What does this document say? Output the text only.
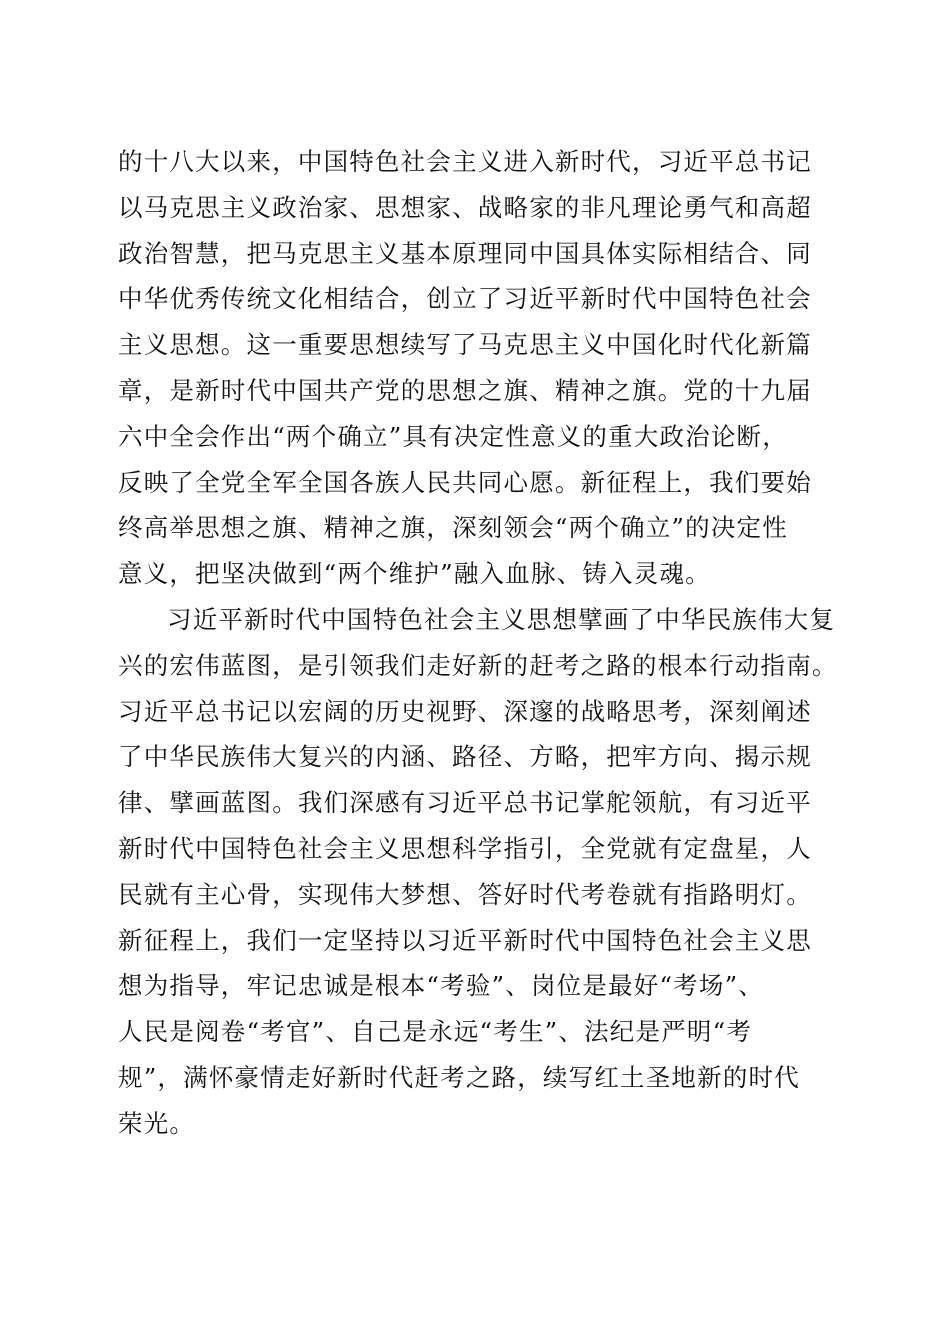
的十八大以来，中国特色社会主义进入新时代，习近平总书记
以马克思主义政治家、思想家、战略家的非凡理论勇气和高超
政治智慧，把马克思主义基本原理同中国具体实际相结合、同
中华优秀传统文化相结合，创立了习近平新时代中国特色社会
主义思想。这一重要思想续写了马克思主义中国化时代化新篇
章，是新时代中国共产党的思想之旗、精神之旗。党的十九届
六中全会作出“两个确立”具有决定性意义的重大政治论断，
反映了全党全军全国各族人民共同心愿。新征程上，我们要始
终高举思想之旗、精神之旗，深刻领会“两个确立”的决定性
意义，把坚决做到“两个维护”融入血脉、铸入灵魂。
习近平新时代中国特色社会主义思想擘画了中华民族伟大复
兴的宏伟蓝图，是引领我们走好新的赶考之路的根本行动指南。
习近平总书记以宏阔的历史视野、深邃的战略思考，深刻阐述
了中华民族伟大复兴的内涵、路径、方略，把牢方向、揭示规
律、擘画蓝图。我们深感有习近平总书记掌舵领航，有习近平
新时代中国特色社会主义思想科学指引，全党就有定盘星，人
民就有主心骨，实现伟大梦想、答好时代考卷就有指路明灯。
新征程上，我们一定坚持以习近平新时代中国特色社会主义思
想为指导，牢记忠诚是根本“考验”、岗位是最好“考场”、
人民是阅卷“考官”、自己是永远“考生”、法纪是严明“考
规”，满怀豪情走好新时代赶考之路，续写红土圣地新的时代
荣光。
